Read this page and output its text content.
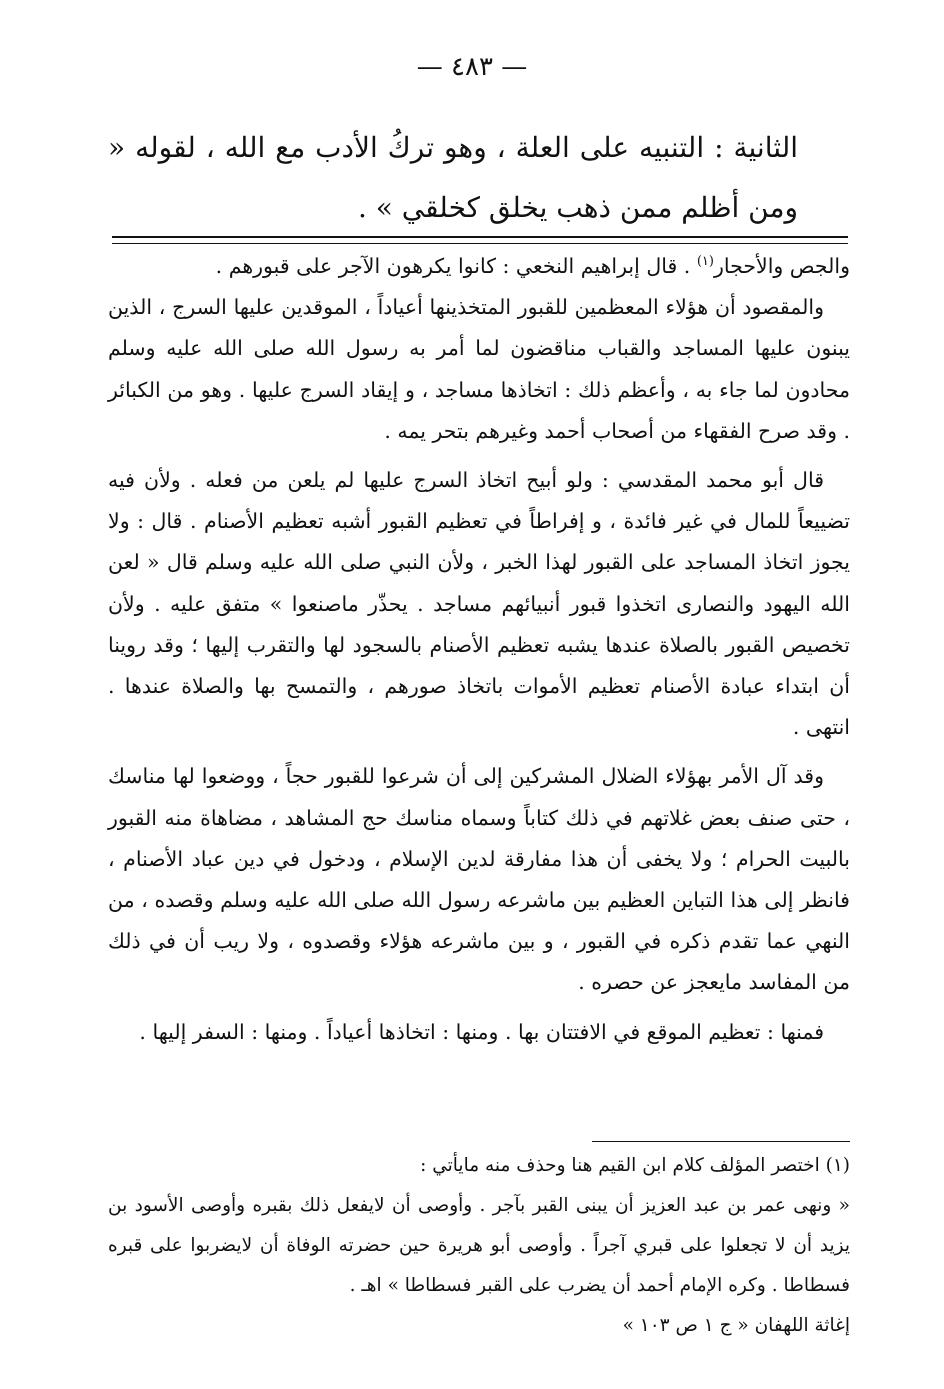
— ٤٨٣ —
الثانية : التنبيه على العلة ، وهو تركُ الأدب مع الله ، لقوله « ومن أظلم ممن ذهب يخلق كخلقي » .

والجص والأحجار$^{(١)}$ . قال إبراهيم النخعي : كانوا يكرهون الآجر على قبورهم .

والمقصود أن هؤلاء المعظمين للقبور المتخذينها أعياداً ، الموقدين عليها السرج ، الذين يبنون عليها المساجد والقباب مناقضون لما أمر به رسول الله صلى الله عليه وسلم محادون لما جاء به ، وأعظم ذلك : اتخاذها مساجد ، و إيقاد السرج عليها . وهو من الكبائر . وقد صرح الفقهاء من أصحاب أحمد وغيرهم بتحر يمه .

قال أبو محمد المقدسي : ولو أبيح اتخاذ السرج عليها لم يلعن من فعله . ولأن فيه تضييعاً للمال في غير فائدة ، و إفراطاً في تعظيم القبور أشبه تعظيم الأصنام . قال : ولا يجوز اتخاذ المساجد على القبور لهذا الخبر ، ولأن النبي صلى الله عليه وسلم قال « لعن الله اليهود والنصارى اتخذوا قبور أنبيائهم مساجد . يحذّر ماصنعوا » متفق عليه . ولأن تخصيص القبور بالصلاة عندها يشبه تعظيم الأصنام بالسجود لها والتقرب إليها ؛ وقد روينا أن ابتداء عبادة الأصنام تعظيم الأموات باتخاذ صورهم ، والتمسح بها والصلاة عندها . انتهى .

وقد آل الأمر بهؤلاء الضلال المشركين إلى أن شرعوا للقبور حجاً ، ووضعوا لها مناسك ، حتى صنف بعض غلاتهم في ذلك كتاباً وسماه مناسك حج المشاهد ، مضاهاة منه القبور بالبيت الحرام ؛ ولا يخفى أن هذا مفارقة لدين الإسلام ، ودخول في دين عباد الأصنام ، فانظر إلى هذا التباين العظيم بين ماشرعه رسول الله صلى الله عليه وسلم وقصده ، من النهي عما تقدم ذكره في القبور ، و بين ماشرعه هؤلاء وقصدوه ، ولا ريب أن في ذلك من المفاسد مايعجز عن حصره .

فمنها : تعظيم الموقع في الافتتان بها . ومنها : اتخاذها أعياداً . ومنها : السفر إليها .

(١) اختصر المؤلف كلام ابن القيم هنا وحذف منه مايأتي :

« ونهى عمر بن عبد العزيز أن يبنى القبر بآجر . وأوصى أن لايفعل ذلك بقبره وأوصى الأسود بن يزيد أن لا تجعلوا على قبري آجراً . وأوصى أبو هريرة حين حضرته الوفاة أن لايضربوا على قبره فسطاطا . وكره الإمام أحمد أن يضرب على القبر فسطاطا » اهـ .

إغاثة اللهفان « ج ١ ص ١٠٣ »
